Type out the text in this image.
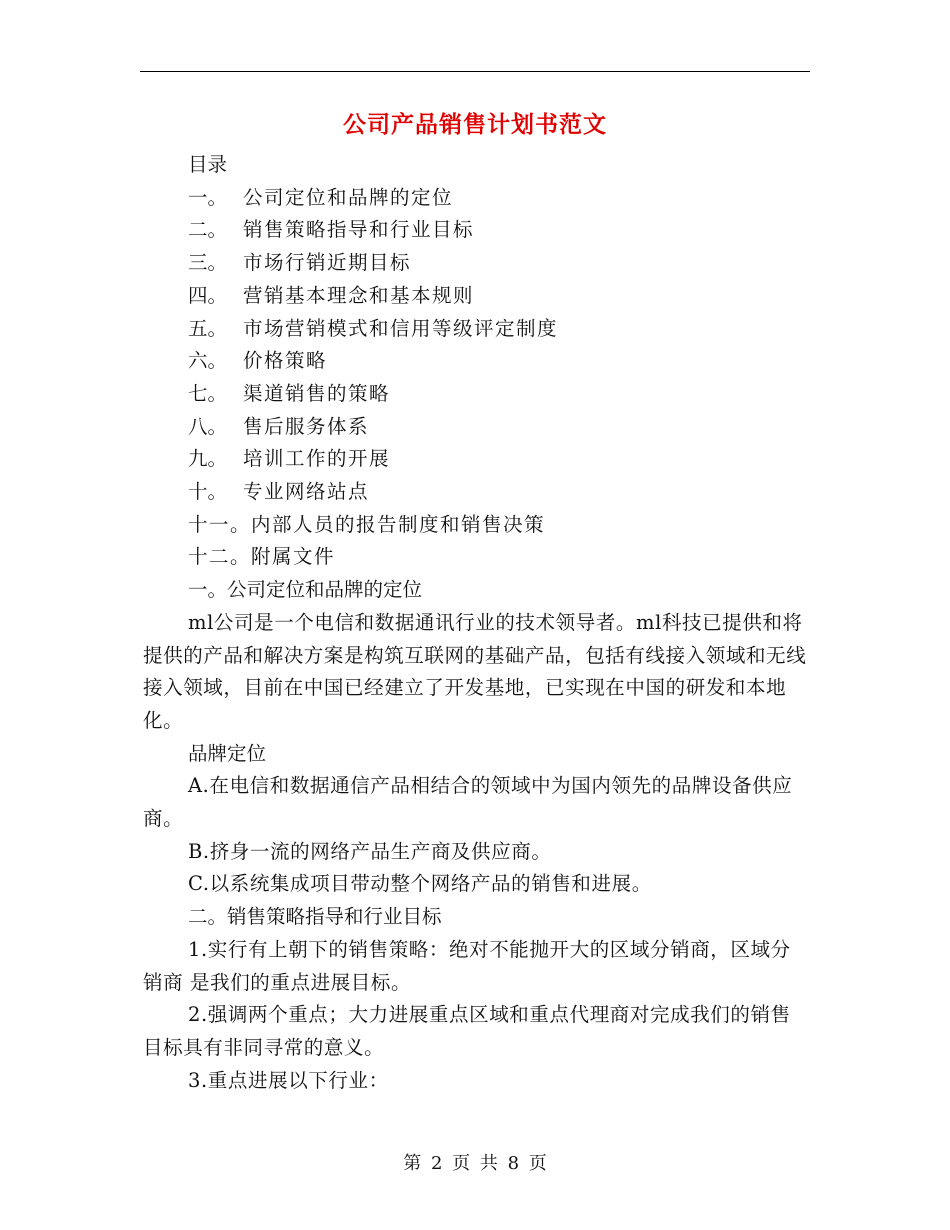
公司产品销售计划书范文

目录

一。 公司定位和品牌的定位
二。 销售策略指导和行业目标
三。 市场行销近期目标
四。 营销基本理念和基本规则
五。 市场营销模式和信用等级评定制度
六。 价格策略
七。 渠道销售的策略
八。 售后服务体系
九。 培训工作的开展
十。 专业网络站点

十一。内部人员的报告制度和销售决策

十二。附属文件

一。公司定位和品牌的定位

ml公司是一个电信和数据通讯行业的技术领导者。ml科技已提供和将提供的产品和解决方案是构筑互联网的基础产品，包括有线接入领域和无线接入领域，目前在中国已经建立了开发基地，已实现在中国的研发和本地化。

品牌定位

A.在电信和数据通信产品相结合的领域中为国内领先的品牌设备供应商。

B.挤身一流的网络产品生产商及供应商。

C.以系统集成项目带动整个网络产品的销售和进展。

二。销售策略指导和行业目标

1.实行有上朝下的销售策略：绝对不能抛开大的区域分销商，区域分销商 是我们的重点进展目标。

2.强调两个重点；大力进展重点区域和重点代理商对完成我们的销售目标具有非同寻常的意义。

3.重点进展以下行业：

第 2 页 共 8 页
